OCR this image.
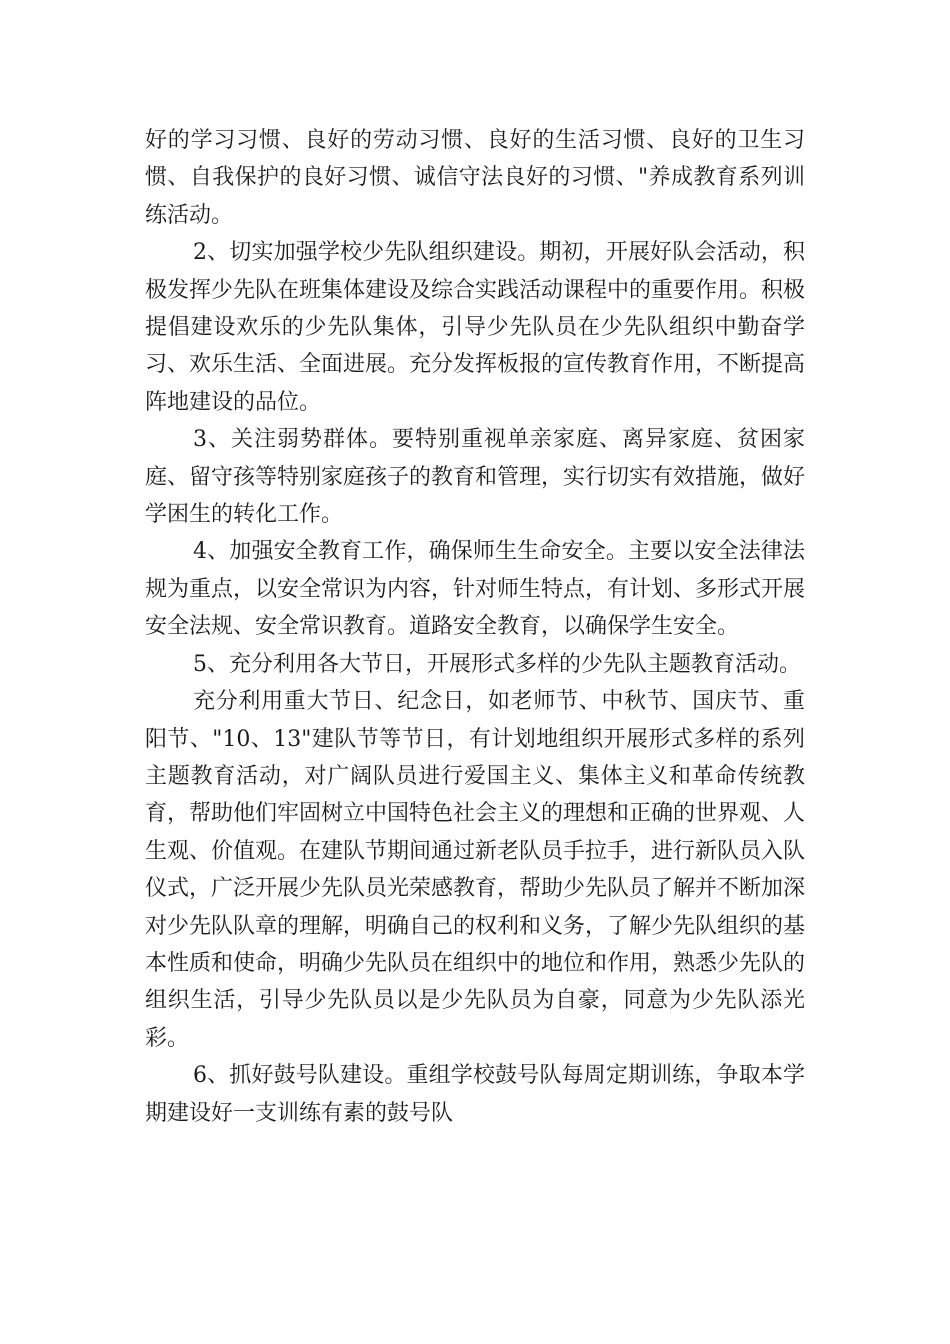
好的学习习惯、良好的劳动习惯、良好的生活习惯、良好的卫生习惯、自我保护的良好习惯、诚信守法良好的习惯、"养成教育系列训练活动。

2、切实加强学校少先队组织建设。期初，开展好队会活动，积极发挥少先队在班集体建设及综合实践活动课程中的重要作用。积极提倡建设欢乐的少先队集体，引导少先队员在少先队组织中勤奋学习、欢乐生活、全面进展。充分发挥板报的宣传教育作用，不断提高阵地建设的品位。

3、关注弱势群体。要特别重视单亲家庭、离异家庭、贫困家庭、留守孩等特别家庭孩子的教育和管理，实行切实有效措施，做好学困生的转化工作。

4、加强安全教育工作，确保师生生命安全。主要以安全法律法规为重点，以安全常识为内容，针对师生特点，有计划、多形式开展安全法规、安全常识教育。道路安全教育，以确保学生安全。

5、充分利用各大节日，开展形式多样的少先队主题教育活动。

充分利用重大节日、纪念日，如老师节、中秋节、国庆节、重阳节、"10、13"建队节等节日，有计划地组织开展形式多样的系列主题教育活动，对广阔队员进行爱国主义、集体主义和革命传统教育，帮助他们牢固树立中国特色社会主义的理想和正确的世界观、人生观、价值观。在建队节期间通过新老队员手拉手，进行新队员入队仪式，广泛开展少先队员光荣感教育，帮助少先队员了解并不断加深对少先队队章的理解，明确自己的权利和义务，了解少先队组织的基本性质和使命，明确少先队员在组织中的地位和作用，熟悉少先队的组织生活，引导少先队员以是少先队员为自豪，同意为少先队添光彩。

6、抓好鼓号队建设。重组学校鼓号队每周定期训练，争取本学期建设好一支训练有素的鼓号队
